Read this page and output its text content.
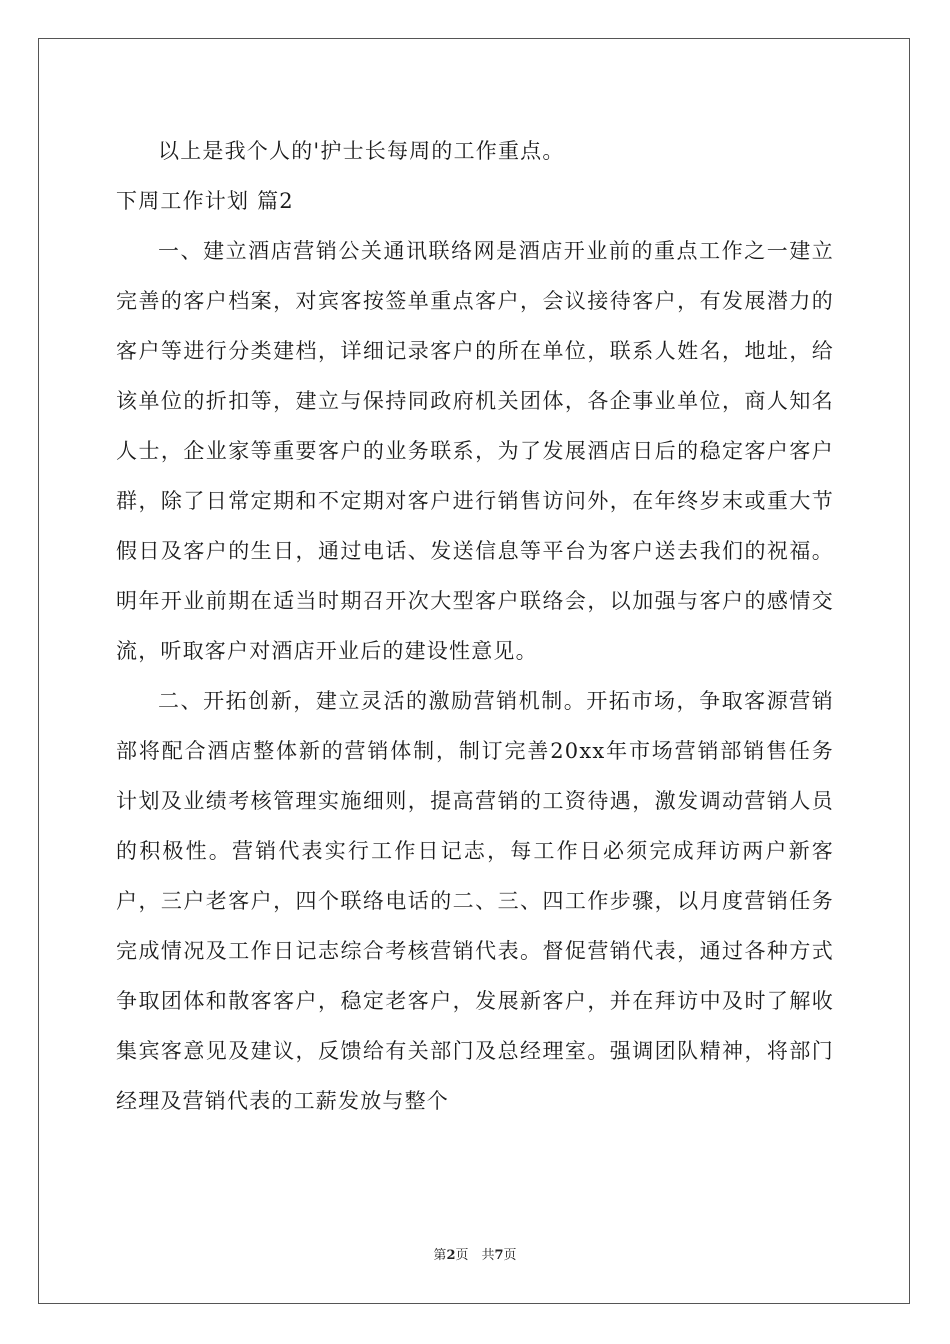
以上是我个人的'护士长每周的工作重点。

下周工作计划 篇2

一、建立酒店营销公关通讯联络网是酒店开业前的重点工作之一建立完善的客户档案，对宾客按签单重点客户，会议接待客户，有发展潜力的客户等进行分类建档，详细记录客户的所在单位，联系人姓名，地址，给该单位的折扣等，建立与保持同政府机关团体，各企事业单位，商人知名人士，企业家等重要客户的业务联系，为了发展酒店日后的稳定客户客户群，除了日常定期和不定期对客户进行销售访问外，在年终岁末或重大节假日及客户的生日，通过电话、发送信息等平台为客户送去我们的祝福。明年开业前期在适当时期召开次大型客户联络会，以加强与客户的感情交流，听取客户对酒店开业后的建设性意见。

二、开拓创新，建立灵活的激励营销机制。开拓市场，争取客源营销部将配合酒店整体新的营销体制，制订完善20xx年市场营销部销售任务计划及业绩考核管理实施细则，提高营销的工资待遇，激发调动营销人员的积极性。营销代表实行工作日记志，每工作日必须完成拜访两户新客户，三户老客户，四个联络电话的二、三、四工作步骤，以月度营销任务完成情况及工作日记志综合考核营销代表。督促营销代表，通过各种方式争取团体和散客客户，稳定老客户，发展新客户，并在拜访中及时了解收集宾客意见及建议，反馈给有关部门及总经理室。强调团队精神，将部门经理及营销代表的工薪发放与整个

第2页　共7页
